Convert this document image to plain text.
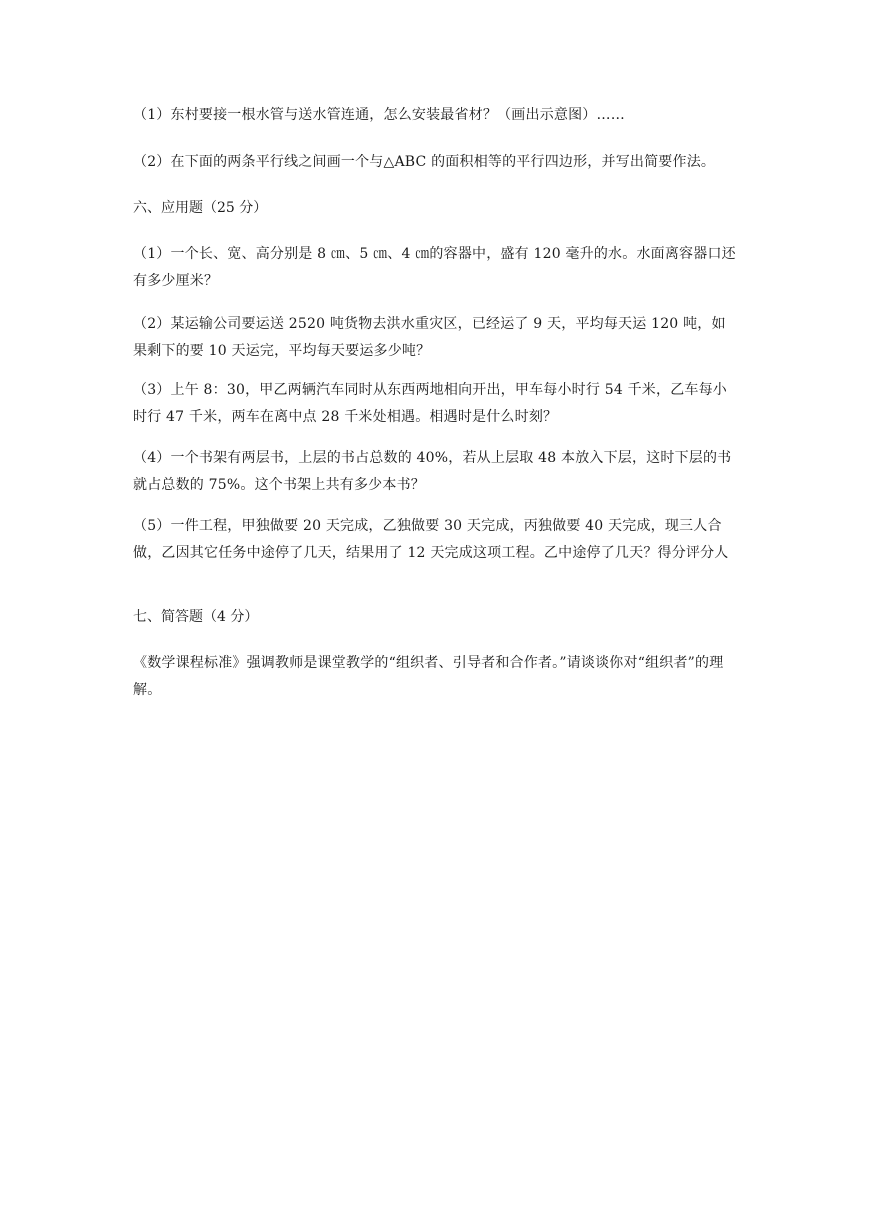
（1）东村要接一根水管与送水管连通，怎么安装最省材？（画出示意图）……
（2）在下面的两条平行线之间画一个与△ABC 的面积相等的平行四边形，并写出简要作法。
六、应用题（25 分）
（1）一个长、宽、高分别是 8 ㎝、5 ㎝、4 ㎝的容器中，盛有 120 毫升的水。水面离容器口还有多少厘米？
（2）某运输公司要运送 2520 吨货物去洪水重灾区，已经运了 9 天，平均每天运 120 吨，如果剩下的要 10 天运完，平均每天要运多少吨？
（3）上午 8：30，甲乙两辆汽车同时从东西两地相向开出，甲车每小时行 54 千米，乙车每小时行 47 千米，两车在离中点 28 千米处相遇。相遇时是什么时刻？
（4）一个书架有两层书，上层的书占总数的 40%，若从上层取 48 本放入下层，这时下层的书就占总数的 75%。这个书架上共有多少本书？
（5）一件工程，甲独做要 20 天完成，乙独做要 30 天完成，丙独做要 40 天完成，现三人合做，乙因其它任务中途停了几天，结果用了 12 天完成这项工程。乙中途停了几天？得分评分人
七、简答题（4 分）
《数学课程标准》强调教师是课堂教学的“组织者、引导者和合作者。”请谈谈你对“组织者”的理解。
